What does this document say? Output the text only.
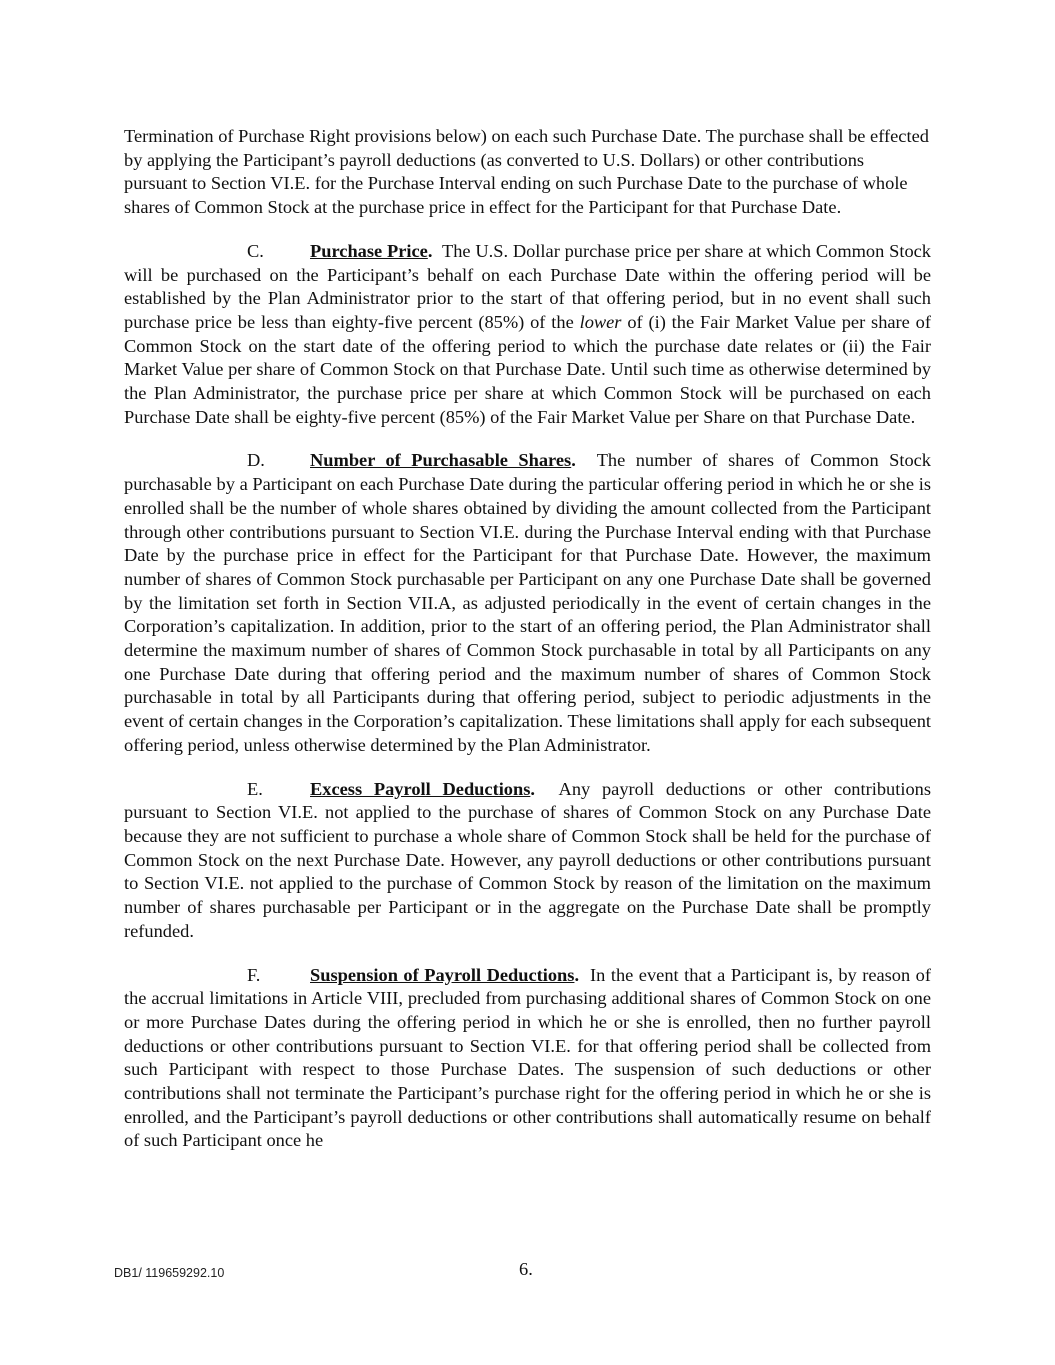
Termination of Purchase Right provisions below) on each such Purchase Date. The purchase shall be effected by applying the Participant’s payroll deductions (as converted to U.S. Dollars) or other contributions pursuant to Section VI.E. for the Purchase Interval ending on such Purchase Date to the purchase of whole shares of Common Stock at the purchase price in effect for the Participant for that Purchase Date.

C.	Purchase Price. The U.S. Dollar purchase price per share at which Common Stock will be purchased on the Participant’s behalf on each Purchase Date within the offering period will be established by the Plan Administrator prior to the start of that offering period, but in no event shall such purchase price be less than eighty-five percent (85%) of the lower of (i) the Fair Market Value per share of Common Stock on the start date of the offering period to which the purchase date relates or (ii) the Fair Market Value per share of Common Stock on that Purchase Date. Until such time as otherwise determined by the Plan Administrator, the purchase price per share at which Common Stock will be purchased on each Purchase Date shall be eighty-five percent (85%) of the Fair Market Value per Share on that Purchase Date.

D. Number of Purchasable Shares. The number of shares of Common Stock purchasable by a Participant on each Purchase Date during the particular offering period in which he or she is enrolled shall be the number of whole shares obtained by dividing the amount collected from the Participant through other contributions pursuant to Section VI.E. during the Purchase Interval ending with that Purchase Date by the purchase price in effect for the Participant for that Purchase Date. However, the maximum number of shares of Common Stock purchasable per Participant on any one Purchase Date shall be governed by the limitation set forth in Section VII.A, as adjusted periodically in the event of certain changes in the Corporation’s capitalization. In addition, prior to the start of an offering period, the Plan Administrator shall determine the maximum number of shares of Common Stock purchasable in total by all Participants on any one Purchase Date during that offering period and the maximum number of shares of Common Stock purchasable in total by all Participants during that offering period, subject to periodic adjustments in the event of certain changes in the Corporation’s capitalization. These limitations shall apply for each subsequent offering period, unless otherwise determined by the Plan Administrator.

E.	Excess Payroll Deductions. Any payroll deductions or other contributions pursuant to Section VI.E. not applied to the purchase of shares of Common Stock on any Purchase Date because they are not sufficient to purchase a whole share of Common Stock shall be held for the purchase of Common Stock on the next Purchase Date. However, any payroll deductions or other contributions pursuant to Section VI.E. not applied to the purchase of Common Stock by reason of the limitation on the maximum number of shares purchasable per Participant or in the aggregate on the Purchase Date shall be promptly refunded.

F.	Suspension of Payroll Deductions. In the event that a Participant is, by reason of the accrual limitations in Article VIII, precluded from purchasing additional shares of Common Stock on one or more Purchase Dates during the offering period in which he or she is enrolled, then no further payroll deductions or other contributions pursuant to Section VI.E. for that offering period shall be collected from such Participant with respect to those Purchase Dates. The suspension of such deductions or other contributions shall not terminate the Participant’s purchase right for the offering period in which he or she is enrolled, and the Participant’s payroll deductions or other contributions shall automatically resume on behalf of such Participant once he

DB1/ 119659292.10	6.
